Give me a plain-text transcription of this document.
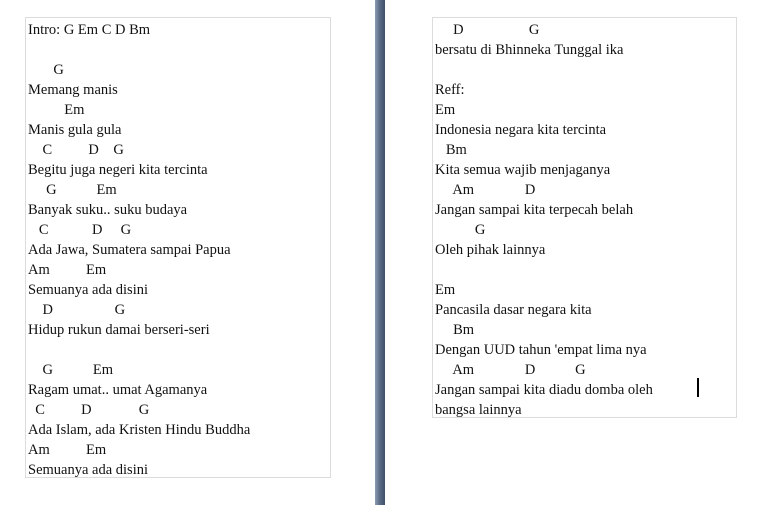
Intro: G Em C D Bm
G
Memang manis
Em
Manis gula gula
C          D    G
Begitu juga negeri kita tercinta
G           Em
Banyak suku.. suku budaya
C            D     G
Ada Jawa, Sumatera sampai Papua
Am          Em
Semuanya ada disini
D                 G
Hidup rukun damai berseri-seri
G           Em
Ragam umat.. umat Agamanya
C          D             G
Ada Islam, ada Kristen Hindu Buddha
Am          Em
Semuanya ada disini
D                  G
bersatu di Bhinneka Tunggal ika
Reff:
Em
Indonesia negara kita tercinta
Bm
Kita semua wajib menjaganya
Am              D
Jangan sampai kita terpecah belah
G
Oleh pihak lainnya
Em
Pancasila dasar negara kita
Bm
Dengan UUD tahun 'empat lima nya
Am              D           G
Jangan sampai kita diadu domba oleh
bangsa lainnya
